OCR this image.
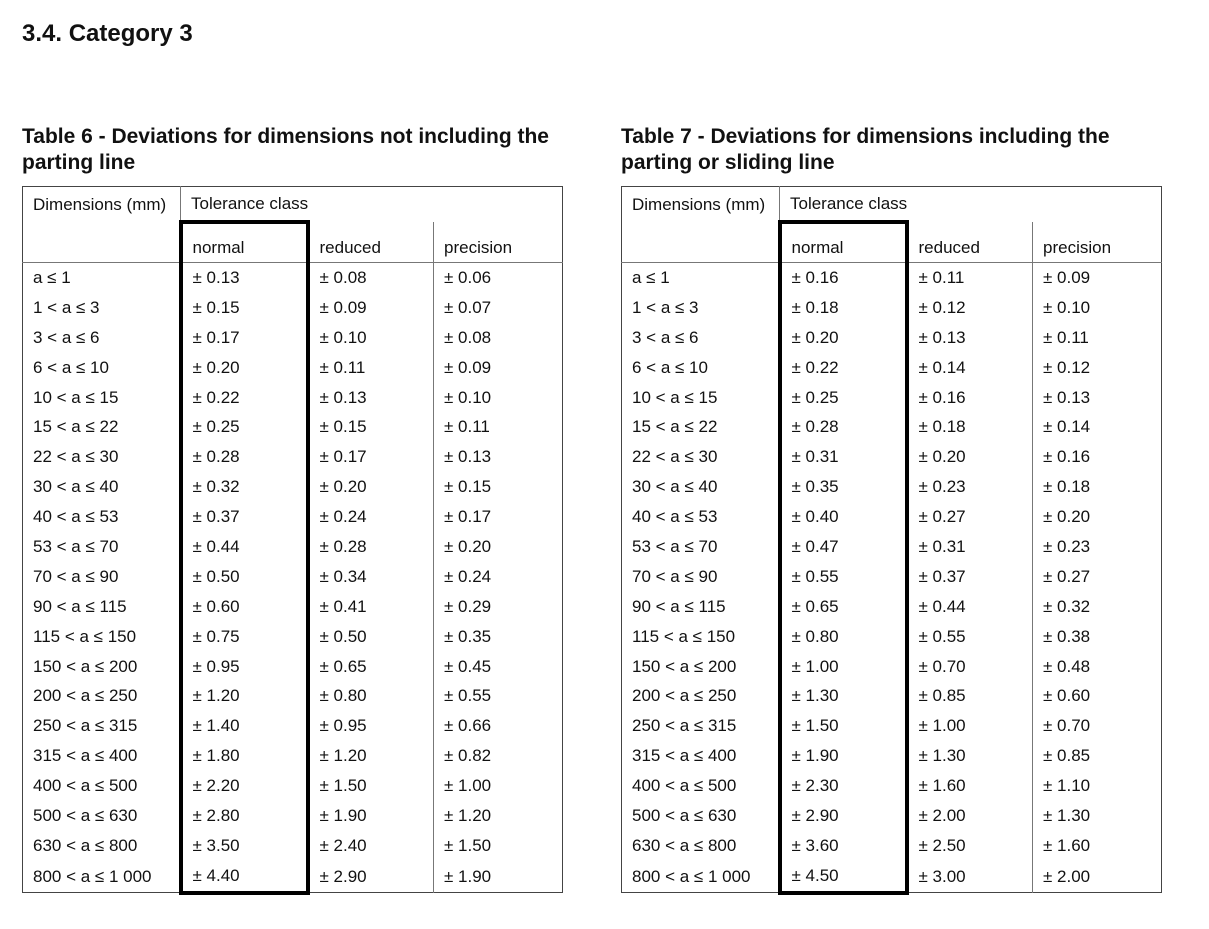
3.4. Category 3
Table 6 - Deviations for dimensions not including the parting line
Dimensions (mm)	Tolerance class		
	normal	reduced	precision
a ≤ 1	± 0.13	± 0.08	± 0.06
1 < a ≤ 3	± 0.15	± 0.09	± 0.07
3 < a ≤ 6	± 0.17	± 0.10	± 0.08
6 < a ≤ 10	± 0.20	± 0.11	± 0.09
10 < a ≤ 15	± 0.22	± 0.13	± 0.10
15 < a ≤ 22	± 0.25	± 0.15	± 0.11
22 < a ≤ 30	± 0.28	± 0.17	± 0.13
30 < a ≤ 40	± 0.32	± 0.20	± 0.15
40 < a ≤ 53	± 0.37	± 0.24	± 0.17
53 < a ≤ 70	± 0.44	± 0.28	± 0.20
70 < a ≤ 90	± 0.50	± 0.34	± 0.24
90 < a ≤ 115	± 0.60	± 0.41	± 0.29
115 < a ≤ 150	± 0.75	± 0.50	± 0.35
150 < a ≤ 200	± 0.95	± 0.65	± 0.45
200 < a ≤ 250	± 1.20	± 0.80	± 0.55
250 < a ≤ 315	± 1.40	± 0.95	± 0.66
315 < a ≤ 400	± 1.80	± 1.20	± 0.82
400 < a ≤ 500	± 2.20	± 1.50	± 1.00
500 < a ≤ 630	± 2.80	± 1.90	± 1.20
630 < a ≤ 800	± 3.50	± 2.40	± 1.50
800 < a ≤ 1 000	± 4.40	± 2.90	± 1.90
Table 7 - Deviations for dimensions including the parting or sliding line
Dimensions (mm)	Tolerance class		
	normal	reduced	precision
a ≤ 1	± 0.16	± 0.11	± 0.09
1 < a ≤ 3	± 0.18	± 0.12	± 0.10
3 < a ≤ 6	± 0.20	± 0.13	± 0.11
6 < a ≤ 10	± 0.22	± 0.14	± 0.12
10 < a ≤ 15	± 0.25	± 0.16	± 0.13
15 < a ≤ 22	± 0.28	± 0.18	± 0.14
22 < a ≤ 30	± 0.31	± 0.20	± 0.16
30 < a ≤ 40	± 0.35	± 0.23	± 0.18
40 < a ≤ 53	± 0.40	± 0.27	± 0.20
53 < a ≤ 70	± 0.47	± 0.31	± 0.23
70 < a ≤ 90	± 0.55	± 0.37	± 0.27
90 < a ≤ 115	± 0.65	± 0.44	± 0.32
115 < a ≤ 150	± 0.80	± 0.55	± 0.38
150 < a ≤ 200	± 1.00	± 0.70	± 0.48
200 < a ≤ 250	± 1.30	± 0.85	± 0.60
250 < a ≤ 315	± 1.50	± 1.00	± 0.70
315 < a ≤ 400	± 1.90	± 1.30	± 0.85
400 < a ≤ 500	± 2.30	± 1.60	± 1.10
500 < a ≤ 630	± 2.90	± 2.00	± 1.30
630 < a ≤ 800	± 3.60	± 2.50	± 1.60
800 < a ≤ 1 000	± 4.50	± 3.00	± 2.00
